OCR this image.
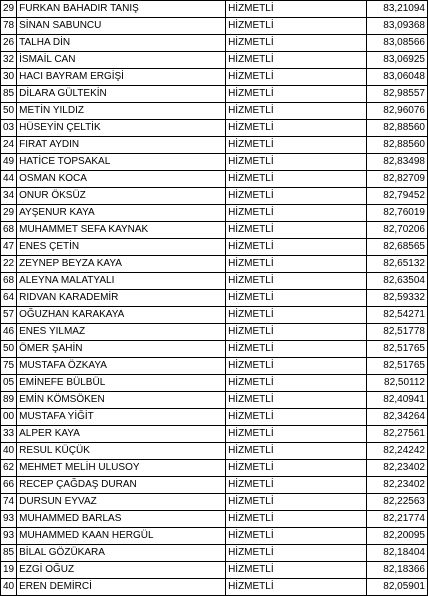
29	FURKAN BAHADIR TANIŞ	HİZMETLİ	83,21094
78	SİNAN SABUNCU	HİZMETLİ	83,09368
26	TALHA DİN	HİZMETLİ	83,08566
32	İSMAİL CAN	HİZMETLİ	83,06925
30	HACI BAYRAM ERGİŞİ	HİZMETLİ	83,06048
85	DİLARA GÜLTEKİN	HİZMETLİ	82,98557
50	METİN YILDIZ	HİZMETLİ	82,96076
03	HÜSEYİN ÇELTİK	HİZMETLİ	82,88560
24	FIRAT AYDIN	HİZMETLİ	82,88560
49	HATİCE TOPSAKAL	HİZMETLİ	82,83498
44	OSMAN KOCA	HİZMETLİ	82,82709
34	ONUR ÖKSÜZ	HİZMETLİ	82,79452
29	AYŞENUR KAYA	HİZMETLİ	82,76019
68	MUHAMMET SEFA KAYNAK	HİZMETLİ	82,70206
47	ENES ÇETİN	HİZMETLİ	82,68565
22	ZEYNEP BEYZA KAYA	HİZMETLİ	82,65132
68	ALEYNA MALATYALI	HİZMETLİ	82,63504
64	RIDVAN KARADEMİR	HİZMETLİ	82,59332
57	OĞUZHAN KARAKAYA	HİZMETLİ	82,54271
46	ENES YILMAZ	HİZMETLİ	82,51778
50	ÖMER ŞAHİN	HİZMETLİ	82,51765
75	MUSTAFA ÖZKAYA	HİZMETLİ	82,51765
05	EMİNEFE BÜLBÜL	HİZMETLİ	82,50112
89	EMİN KÖMSÖKEN	HİZMETLİ	82,40941
00	MUSTAFA YİĞİT	HİZMETLİ	82,34264
33	ALPER KAYA	HİZMETLİ	82,27561
40	RESUL KÜÇÜK	HİZMETLİ	82,24242
62	MEHMET MELİH ULUSOY	HİZMETLİ	82,23402
66	RECEP ÇAĞDAŞ DURAN	HİZMETLİ	82,23402
74	DURSUN EYVAZ	HİZMETLİ	82,22563
93	MUHAMMED BARLAS	HİZMETLİ	82,21774
93	MUHAMMED KAAN HERGÜL	HİZMETLİ	82,20095
85	BİLAL GÖZÜKARA	HİZMETLİ	82,18404
19	EZGİ OĞUZ	HİZMETLİ	82,18366
40	EREN DEMİRCİ	HİZMETLİ	82,05901
